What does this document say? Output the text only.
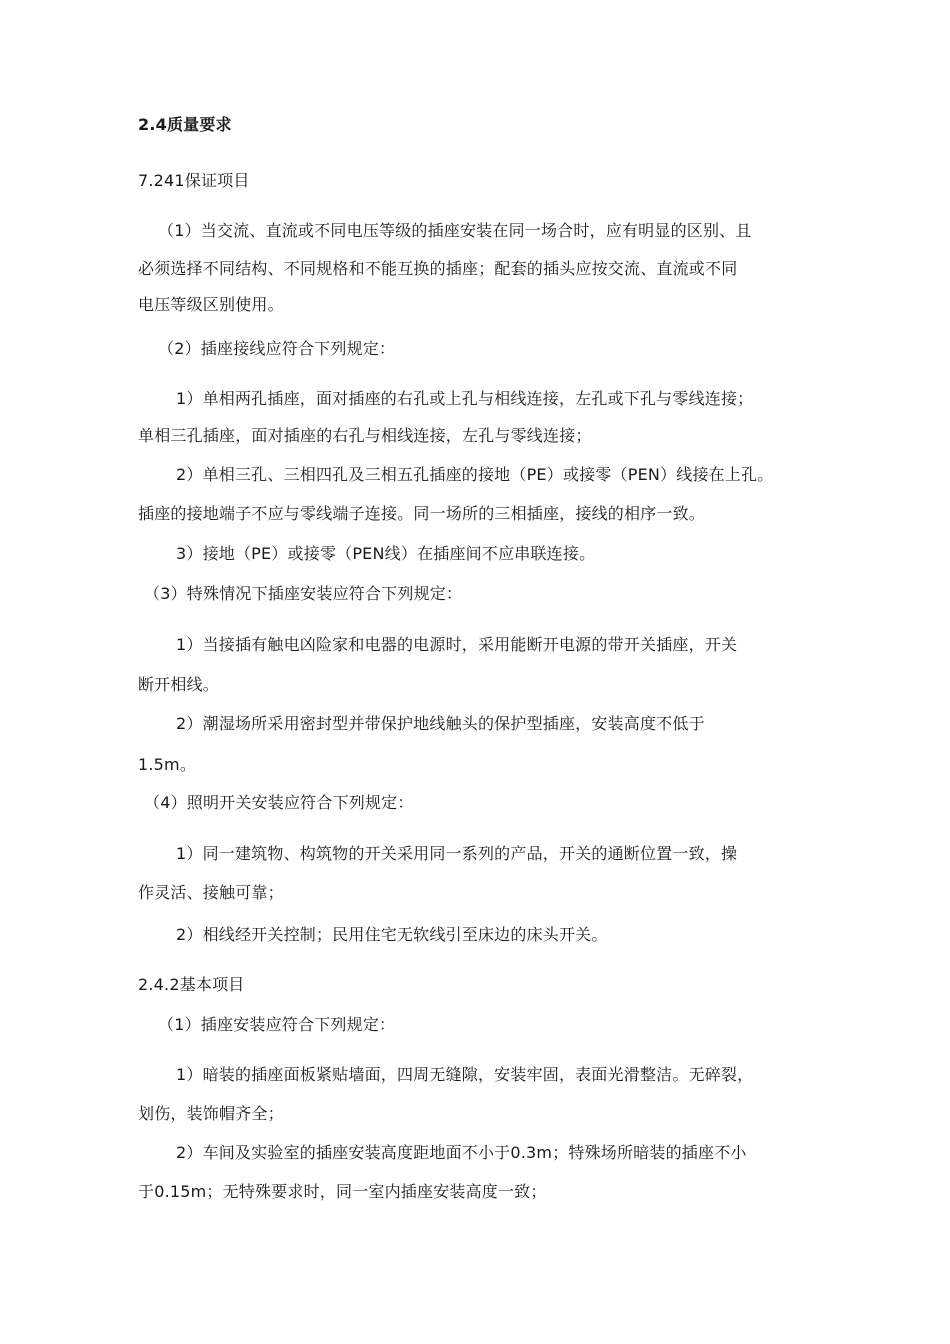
2.4质量要求
7.241保证项目
（1）当交流、直流或不同电压等级的插座安装在同一场合时，应有明显的区别、且
必须选择不同结构、不同规格和不能互换的插座；配套的插头应按交流、直流或不同
电压等级区别使用。
（2）插座接线应符合下列规定：
1）单相两孔插座，面对插座的右孔或上孔与相线连接，左孔或下孔与零线连接；
单相三孔插座，面对插座的右孔与相线连接，左孔与零线连接；
2）单相三孔、三相四孔及三相五孔插座的接地（PE）或接零（PEN）线接在上孔。
插座的接地端子不应与零线端子连接。同一场所的三相插座，接线的相序一致。
3）接地（PE）或接零（PEN线）在插座间不应串联连接。
（3）特殊情况下插座安装应符合下列规定：
1）当接插有触电凶险家和电器的电源时，采用能断开电源的带开关插座，开关
断开相线。
2）潮湿场所采用密封型并带保护地线触头的保护型插座，安装高度不低于
1.5m。
（4）照明开关安装应符合下列规定：
1）同一建筑物、构筑物的开关采用同一系列的产品，开关的通断位置一致，操
作灵活、接触可靠；
2）相线经开关控制；民用住宅无软线引至床边的床头开关。
2.4.2基本项目
（1）插座安装应符合下列规定：
1）暗装的插座面板紧贴墙面，四周无缝隙，安装牢固，表面光滑整洁。无碎裂，
划伤，装饰帽齐全；
2）车间及实验室的插座安装高度距地面不小于0.3m；特殊场所暗装的插座不小
于0.15m；无特殊要求时，同一室内插座安装高度一致；
